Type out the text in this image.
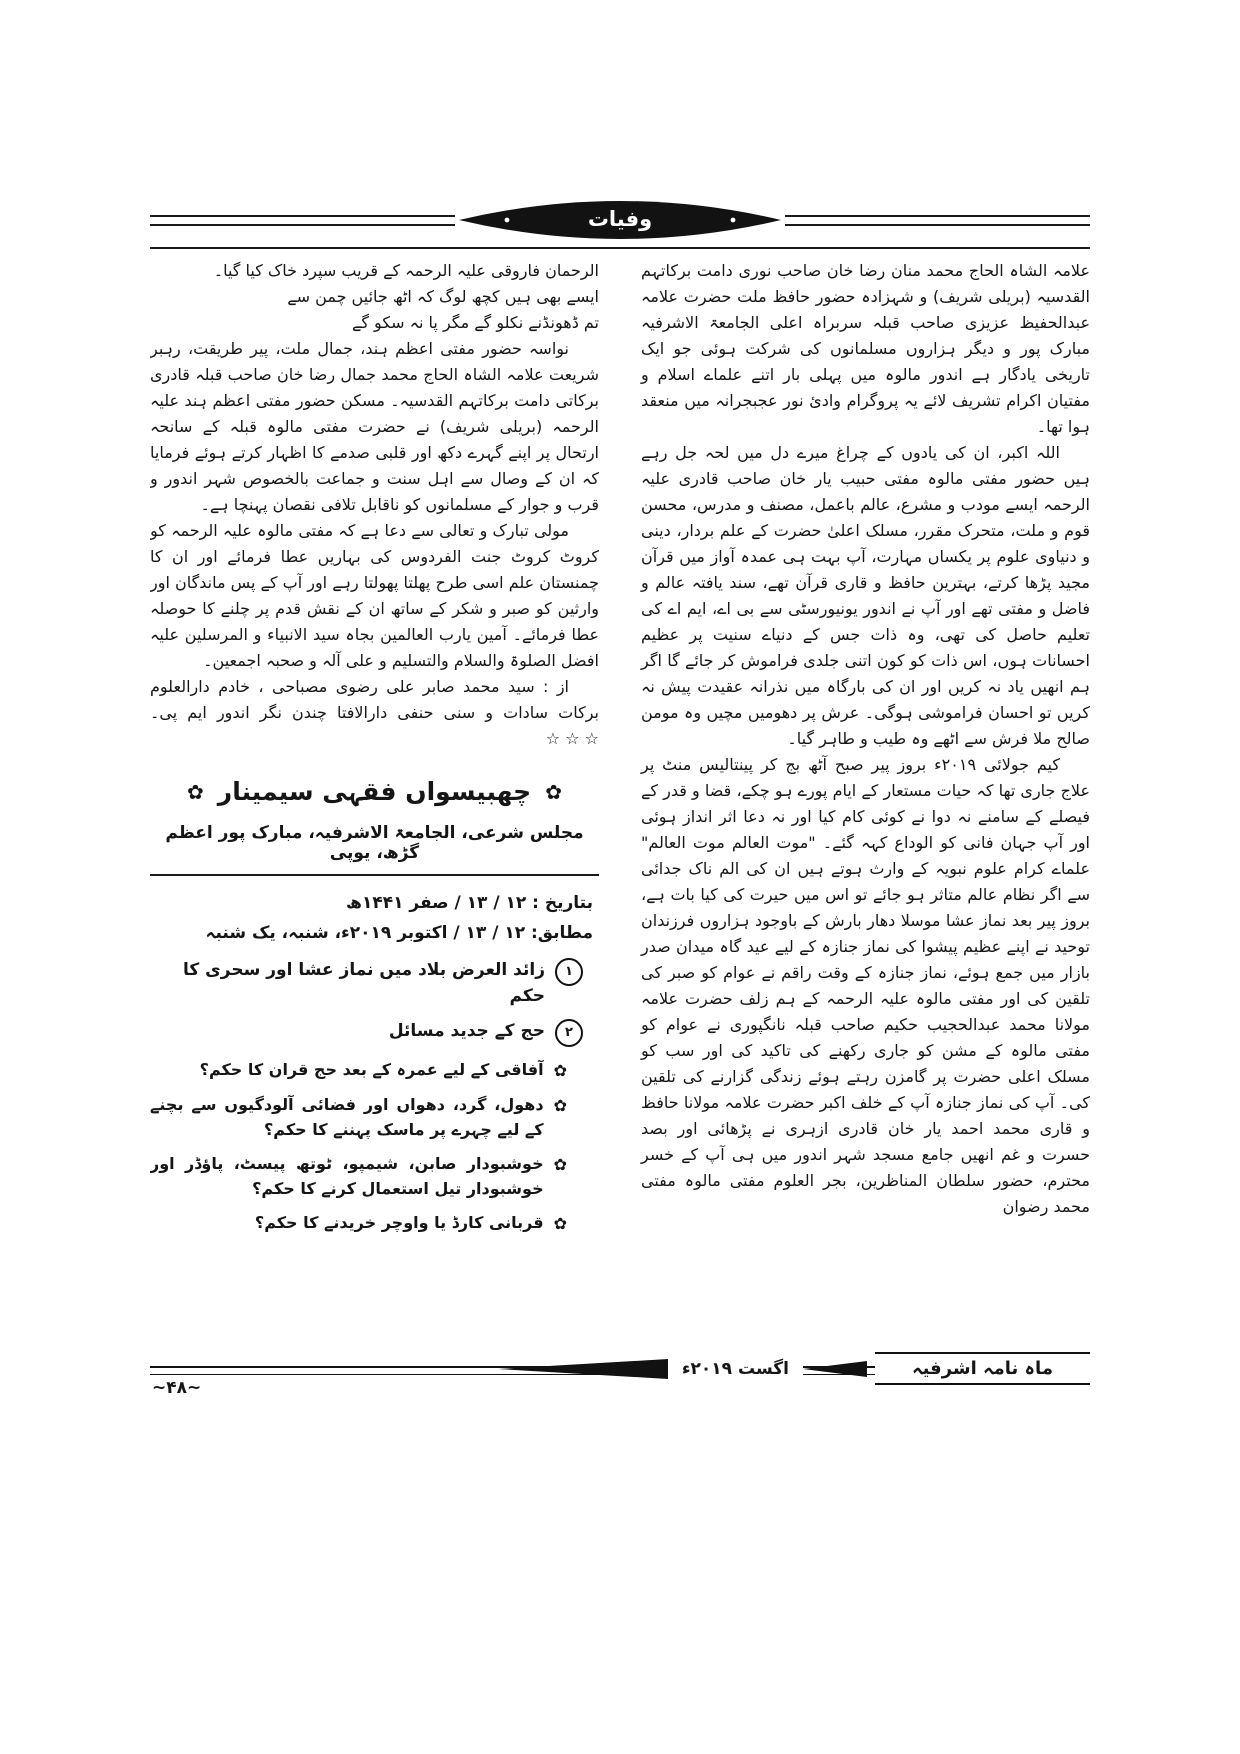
وفیات

علامہ الشاہ الحاج محمد منان رضا خان صاحب نوری دامت برکاتہم القدسیہ (بریلی شریف) و شہزادہ حضور حافظ ملت حضرت علامہ عبدالحفیظ عزیزی صاحب قبلہ سربراہ اعلی الجامعۃ الاشرفیہ مبارک پور و دیگر ہزاروں مسلمانوں کی شرکت ہوئی جو ایک تاریخی یادگار ہے اندور مالوہ میں پہلی بار اتنے علماے اسلام و مفتیان اکرام تشریف لائے یہ پروگرام وادیٔ نور عجبجرانہ میں منعقد ہوا تھا۔

اللہ اکبر، ان کی یادوں کے چراغ میرے دل میں لحہ جل رہے ہیں حضور مفتی مالوہ مفتی حبیب یار خان صاحب قادری علیہ الرحمہ ایسے مودب و مشرع، عالم باعمل، مصنف و مدرس، محسن قوم و ملت، متحرک مقرر، مسلک اعلیٰ حضرت کے علم بردار، دینی و دنیاوی علوم پر یکساں مہارت، آپ بہت ہی عمدہ آواز میں قرآن مجید پڑھا کرتے، بہترین حافظ و قاری قرآن تھے، سند یافتہ عالم و فاضل و مفتی تھے اور آپ نے اندور یونیورسٹی سے بی اے، ایم اے کی تعلیم حاصل کی تھی، وہ ذات جس کے دنیاے سنیت پر عظیم احسانات ہوں، اس ذات کو کون اتنی جلدی فراموش کر جائے گا اگر ہم انھیں یاد نہ کریں اور ان کی بارگاہ میں نذرانہ عقیدت پیش نہ کریں تو احسان فراموشی ہوگی۔ عرش پر دھومیں مچیں وہ مومن صالح ملا فرش سے اٹھے وہ طیب و طاہر گیا۔

کیم جولائی ۲۰۱۹ء بروز پیر صبح آٹھ بج کر پینتالیس منٹ پر علاج جاری تھا کہ حیات مستعار کے ایام پورے ہو چکے، قضا و قدر کے فیصلے کے سامنے نہ دوا نے کوئی کام کیا اور نہ دعا اثر انداز ہوئی اور آپ جہان فانی کو الوداع کہہ گئے۔ "موت العالم موت العالم" علماے کرام علوم نبویہ کے وارث ہوتے ہیں ان کی الم ناک جدائی سے اگر نظام عالم متاثر ہو جائے تو اس میں حیرت کی کیا بات ہے، بروز پیر بعد نماز عشا موسلا دھار بارش کے باوجود ہزاروں فرزندان توحید نے اپنے عظیم پیشوا کی نماز جنازہ کے لیے عید گاہ میدان صدر بازار میں جمع ہوئے، نماز جنازہ کے وقت راقم نے عوام کو صبر کی تلقین کی اور مفتی مالوہ علیہ الرحمہ کے ہم زلف حضرت علامہ مولانا محمد عبدالحجیب حکیم صاحب قبلہ نانگپوری نے عوام کو مفتی مالوہ کے مشن کو جاری رکھنے کی تاکید کی اور سب کو مسلک اعلی حضرت پر گامزن رہتے ہوئے زندگی گزارنے کی تلقین کی۔ آپ کی نماز جنازہ آپ کے خلف اکبر حضرت علامہ مولانا حافظ و قاری محمد احمد یار خان قادری ازہری نے پڑھائی اور بصد حسرت و غم انھیں جامع مسجد شہر اندور میں ہی آپ کے خسر محترم، حضور سلطان المناظرین، بجر العلوم مفتی مالوہ مفتی محمد رضوان

الرحمان فاروقی علیہ الرحمہ کے قریب سپرد خاک کیا گیا۔

ایسے بھی ہیں کچھ لوگ کہ اٹھ جائیں چمن سے

تم ڈھونڈنے نکلو گے مگر پا نہ سکو گے

نواسہ حضور مفتی اعظم ہند، جمال ملت، پیر طریقت، رہبر شریعت علامہ الشاہ الحاج محمد جمال رضا خان صاحب قبلہ قادری برکاتی دامت برکاتہم القدسیہ۔ مسکن حضور مفتی اعظم ہند علیہ الرحمہ (بریلی شریف) نے حضرت مفتی مالوہ قبلہ کے سانحہ ارتحال پر اپنے گہرے دکھ اور قلبی صدمے کا اظہار کرتے ہوئے فرمایا کہ ان کے وصال سے اہل سنت و جماعت بالخصوص شہر اندور و قرب و جوار کے مسلمانوں کو ناقابل تلافی نقصان پہنچا ہے۔

مولی تبارک و تعالی سے دعا ہے کہ مفتی مالوہ علیہ الرحمہ کو کروٹ کروٹ جنت الفردوس کی بہاریں عطا فرمائے اور ان کا چمنستان علم اسی طرح پھلتا پھولتا رہے اور آپ کے پس ماندگان اور وارثین کو صبر و شکر کے ساتھ ان کے نقش قدم پر چلنے کا حوصلہ عطا فرمائے۔ آمین یارب العالمین بجاہ سید الانبیاء و المرسلین علیہ افضل الصلوۃ والسلام والتسلیم و علی آلہ و صحبہ اجمعین۔

از : سید محمد صابر علی رضوی مصباحی ، خادم دارالعلوم برکات سادات و سنی حنفی دارالافتا چندن نگر اندور ایم پی۔ ☆ ☆ ☆

✿
چھبیسواں فقہی سیمینار
✿
مجلس شرعی، الجامعۃ الاشرفیہ، مبارک پور اعظم گڑھ، یوپی
بتاریخ : ۱۲ / ۱۳ / صفر ۱۴۴۱ھ
مطابق: ۱۲ / ۱۳ / اکتوبر ۲۰۱۹ء، شنبہ، یک شنبہ
۱
زائد العرض بلاد میں نماز عشا اور سحری کا حکم
۲
حج کے جدید مسائل
✿
آفاقی کے لیے عمرہ کے بعد حج قران کا حکم؟
✿
دھول، گرد، دھواں اور فضائی آلودگیوں سے بچنے کے لیے چہرے پر ماسک پہننے کا حکم؟
✿
خوشبودار صابن، شیمپو، ٹوتھ پیسٹ، پاؤڈر اور خوشبودار تیل استعمال کرنے کا حکم؟
✿
قربانی کارڈ یا واوچر خریدنے کا حکم؟
ماہ نامہ اشرفیہ
اگست ۲۰۱۹ء
~۴۸~
